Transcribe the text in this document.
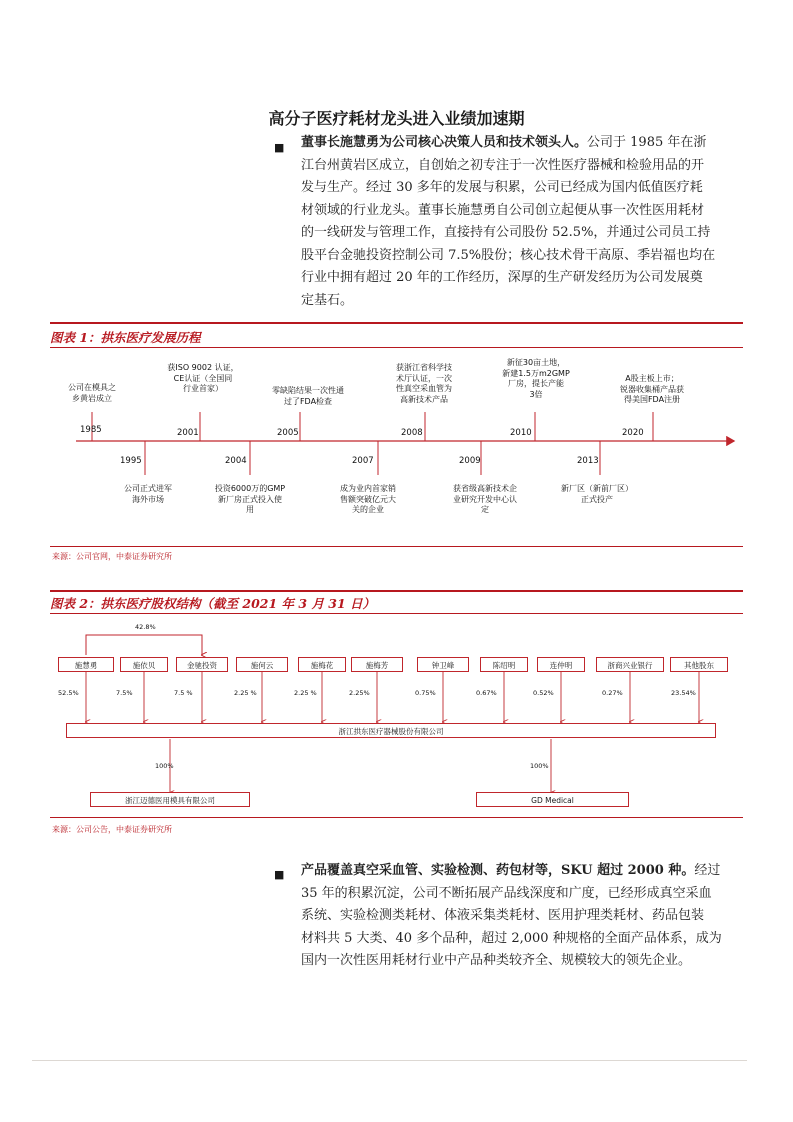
高分子医疗耗材龙头进入业绩加速期
■ 董事长施慧勇为公司核心决策人员和技术领头人。公司于 1985 年在浙
江台州黄岩区成立，自创始之初专注于一次性医疗器械和检验用品的开
发与生产。经过 30 多年的发展与积累，公司已经成为国内低值医疗耗
材领域的行业龙头。董事长施慧勇自公司创立起便从事一次性医用耗材
的一线研发与管理工作，直接持有公司股份 52.5%，并通过公司员工持
股平台金驰投资控制公司 7.5%股份；核心技术骨干高原、季岩福也均在
行业中拥有超过 20 年的工作经历，深厚的生产研发经历为公司发展奠
定基石。
图表 1：拱东医疗发展历程
公司在模具之
乡黄岩成立
1985
获ISO 9002 认证，
CE认证（全国同
行业首家）
2001
零缺陷结果一次性通
过了FDA检查
2005
获浙江省科学技
术厅认证，一次
性真空采血管为
高新技术产品
2008
新征30亩土地，
新建1.5万m2GMP
厂房，提长产能
3倍
2010
A股主板上市；
锐器收集桶产品获
得美国FDA注册
2020
公司正式进军
海外市场
1995
投资6000万的GMP
新厂房正式投入使
用
2004
成为业内首家销
售额突破亿元大
关的企业
2007
获省级高新技术企
业研究开发中心认
定
2009
新厂区（新前厂区）
正式投产
2013
来源：公司官网，中泰证券研究所
图表 2：拱东医疗股权结构（截至 2021 年 3 月 31 日）
42.8%
施慧勇
52.5%
施依贝
7.5%
金驰投资
7.5 %
施何云
2.25 %
施梅花
2.25 %
施梅芳
2.25%
钟卫峰
0.75%
陈绍明
0.67%
连仲明
0.52%
浙商兴业银行
0.27%
其他股东
23.54%
浙江拱东医疗器械股份有限公司
100%	100%
浙江迈德医用模具有限公司	GD Medical
来源：公司公告，中泰证券研究所
■ 产品覆盖真空采血管、实验检测、药包材等，SKU 超过 2000 种。经过
35 年的积累沉淀，公司不断拓展产品线深度和广度，已经形成真空采血
系统、实验检测类耗材、体液采集类耗材、医用护理类耗材、药品包装
材料共 5 大类、40 多个品种，超过 2,000 种规格的全面产品体系，成为
国内一次性医用耗材行业中产品种类较齐全、规模较大的领先企业。
